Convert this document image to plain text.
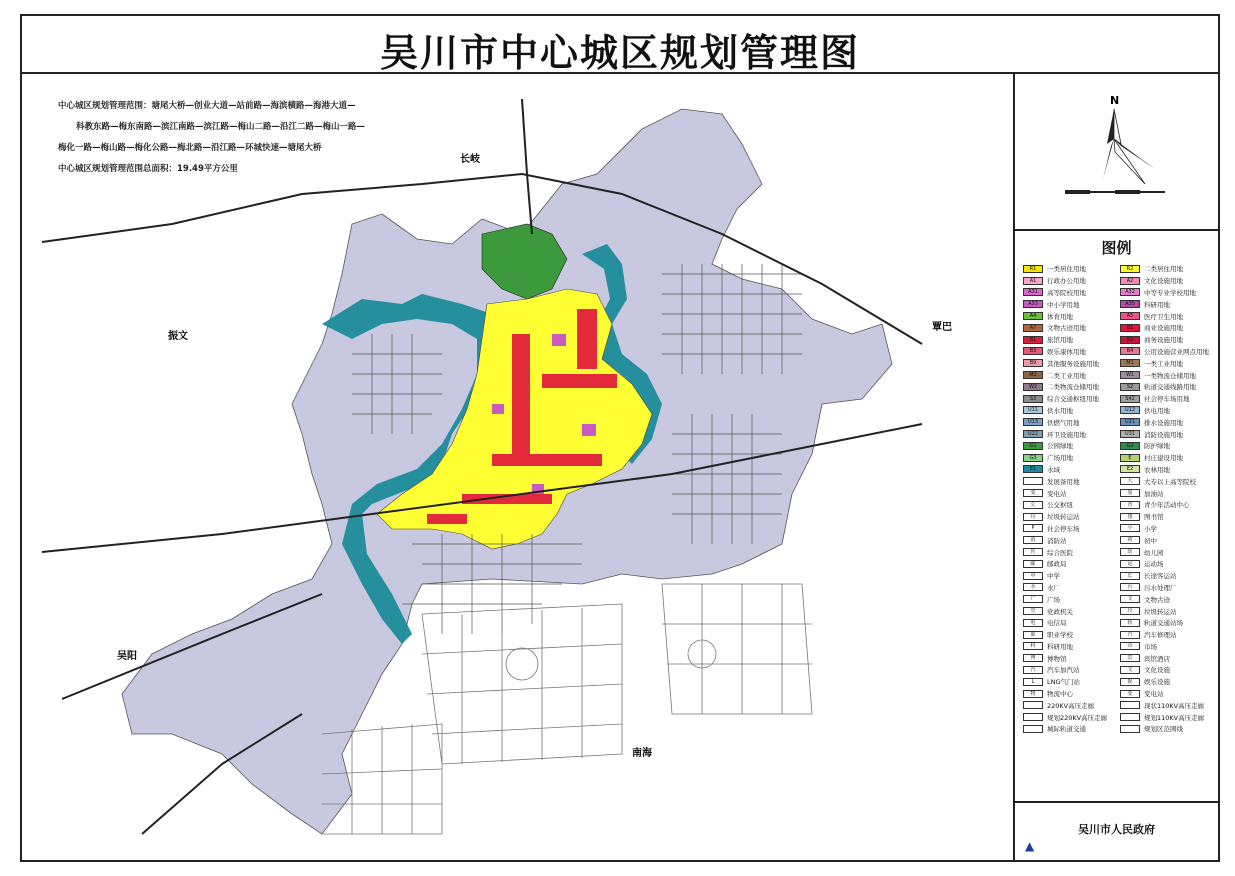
吴川市中心城区规划管理图
长岐
振文
覃巴
吴阳
南海
中心城区规划管理范围：塘尾大桥—创业大道—站前路—海滨横路—海港大道—
科教东路—梅东南路—滨江南路—滨江路—梅山二路—沿江二路—梅山一路—
梅化一路—梅山路—梅化公路—梅北路—沿江路—环城快速—塘尾大桥
中心城区规划管理范围总面积：19.49平方公里
N
图例
R1	一类居住用地	R2	二类居住用地
A1	行政办公用地	A2	文化设施用地
A31	高等院校用地	A32	中等专业学校用地
A33	中小学用地	A35	科研用地
A4	体育用地	A5	医疗卫生用地
A7	文物古迹用地	B1	商业设施用地
B1	旅馆用地	B2	商务设施用地
B3	娱乐康体用地	B4	公用设施营业网点用地
B9	其他服务设施用地	M1	一类工业用地
M2	二类工业用地	W1	一类物流仓储用地
W2	二类物流仓储用地	S2	轨道交通线路用地
S3	综合交通枢纽用地	S42	社会停车场用地
U11	供水用地	U12	供电用地
U13	供燃气用地	U21	排水设施用地
U22	环卫设施用地	U31	消防设施用地
G1	公园绿地	G2	防护绿地
G3	广场用地	E	村庄建设用地
E1	水域	E2	农林用地
发展备用地	大	大专以上高等院校
变	变电站	加	加油站
公	公交枢纽	青	青少年活动中心
垃	垃圾转运站	图	图书馆
P	社会停车场	小	小学
消	消防站	初	初中
医	综合医院	幼	幼儿园
邮	邮政局	运	运动场
中	中学	长	长途客运站
水	水厂	污	污水处理厂
广	广场	文	文物古迹
党	党政机关	垃	垃圾转运站
电	电信局	轨	轨道交通站场
职	职业学校	汽	汽车修理站
科	科研用地	市	市场
博	博物馆	宾	宾馆酒店
汽	汽车加汽站	文	文化设施
L	LNG气门站	娱	娱乐设施
物	物流中心	变	变电站
220KV高压走廊	现状110KV高压走廊
规划220KV高压走廊	规划110KV高压走廊
城际轨道交通	规划区范围线
吴川市人民政府
▲
